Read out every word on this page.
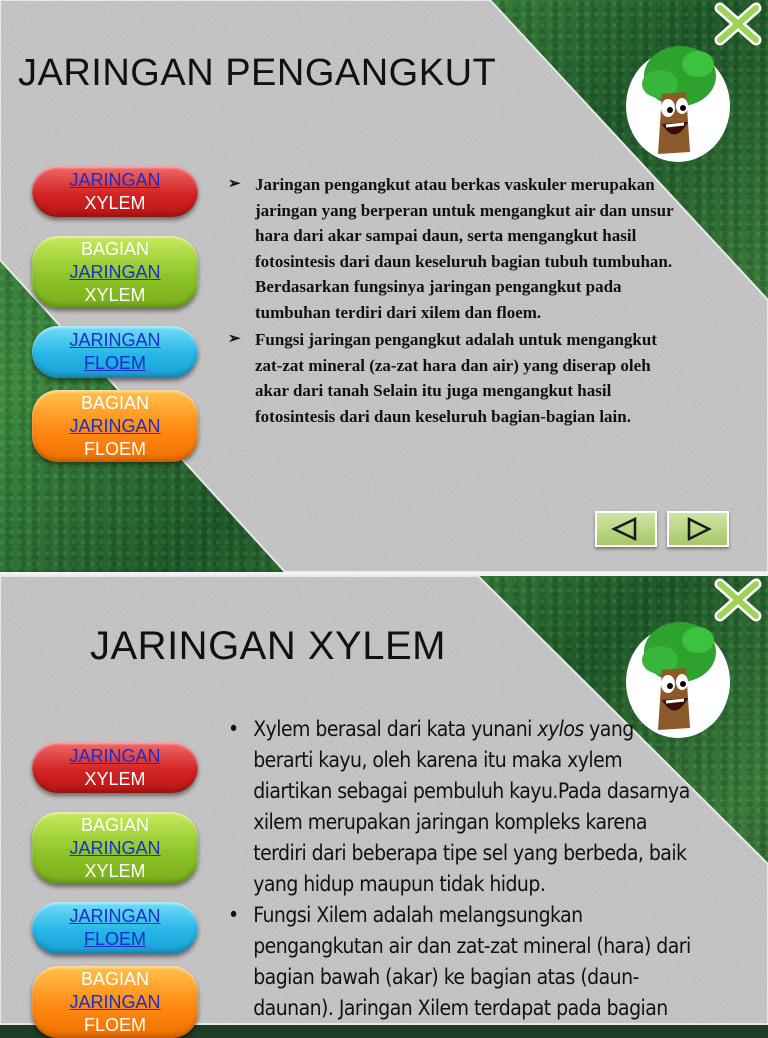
JARINGAN PENGANGKUT
JARINGAN
XYLEM
BAGIAN
JARINGAN
XYLEM
JARINGAN
FLOEM
BAGIAN
JARINGAN
FLOEM
➢ Jaringan pengangkut atau berkas vaskuler merupakan jaringan yang berperan untuk mengangkut air dan unsur hara dari akar sampai daun, serta mengangkut hasil fotosintesis dari daun keseluruh bagian tubuh tumbuhan. Berdasarkan fungsinya jaringan pengangkut pada tumbuhan terdiri dari xilem dan floem.
➢ Fungsi jaringan pengangkut adalah untuk mengangkut zat-zat mineral (za-zat hara dan air) yang diserap oleh akar dari tanah Selain itu juga mengangkut hasil fotosintesis dari daun keseluruh bagian-bagian lain.
JARINGAN XYLEM
JARINGAN
XYLEM
BAGIAN
JARINGAN
XYLEM
JARINGAN
FLOEM
BAGIAN
JARINGAN
FLOEM
• Xylem berasal dari kata yunani xylos yang berarti kayu, oleh karena itu maka xylem diartikan sebagai pembuluh kayu.Pada dasarnya xilem merupakan jaringan kompleks karena terdiri dari beberapa tipe sel yang berbeda, baik yang hidup maupun tidak hidup.
• Fungsi Xilem adalah melangsungkan pengangkutan air dan zat-zat mineral (hara) dari bagian bawah (akar) ke bagian atas (daun-daunan). Jaringan Xilem terdapat pada bagian
